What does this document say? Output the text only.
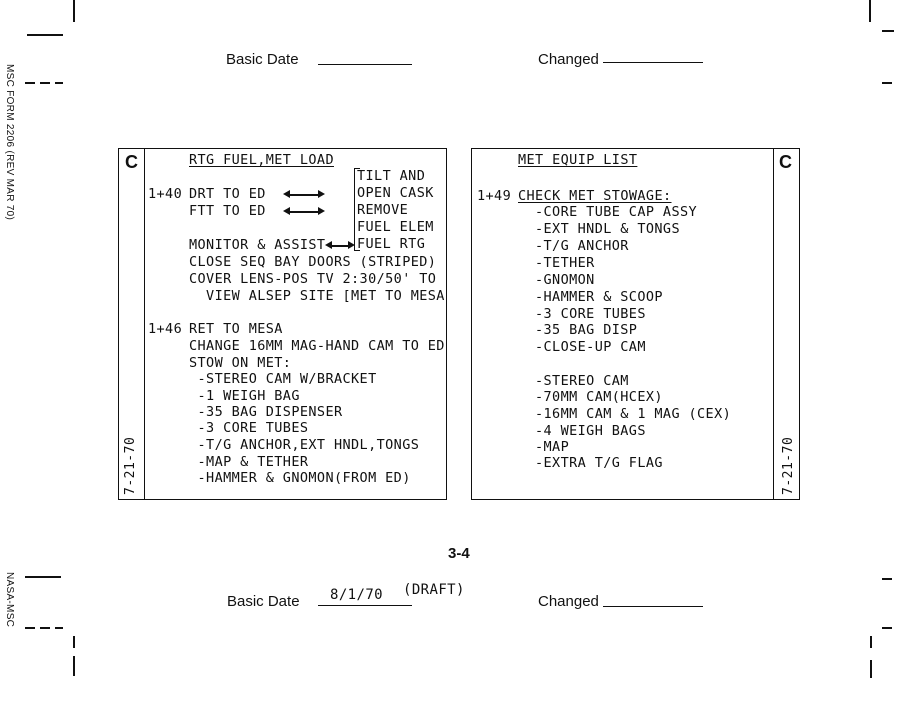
MSC FORM 2206 (REV MAR 70)
NASA-MSC
Basic Date	Changed
C
7-21-70
RTG FUEL,MET LOAD
1+40 DRT TO ED
FTT TO ED
MONITOR & ASSIST
CLOSE SEQ BAY DOORS (STRIPED)
COVER LENS-POS TV 2:30/50' TO
VIEW ALSEP SITE [MET TO MESA
1+46 RET TO MESA
CHANGE 16MM MAG-HAND CAM TO ED
STOW ON MET:
-STEREO CAM W/BRACKET
-1 WEIGH BAG
-35 BAG DISPENSER
-3 CORE TUBES
-T/G ANCHOR,EXT HNDL,TONGS
-MAP & TETHER
-HAMMER & GNOMON(FROM ED)
TILT AND
OPEN CASK
REMOVE
FUEL ELEM
FUEL RTG
C
7-21-70
MET EQUIP LIST
1+49 CHECK MET STOWAGE:
-CORE TUBE CAP ASSY
-EXT HNDL & TONGS
-T/G ANCHOR
-TETHER
-GNOMON
-HAMMER & SCOOP
-3 CORE TUBES
-35 BAG DISP
-CLOSE-UP CAM
-STEREO CAM
-70MM CAM(HCEX)
-16MM CAM & 1 MAG (CEX)
-4 WEIGH BAGS
-MAP
-EXTRA T/G FLAG
3-4
Basic Date 8/1/70 (DRAFT)
Changed
